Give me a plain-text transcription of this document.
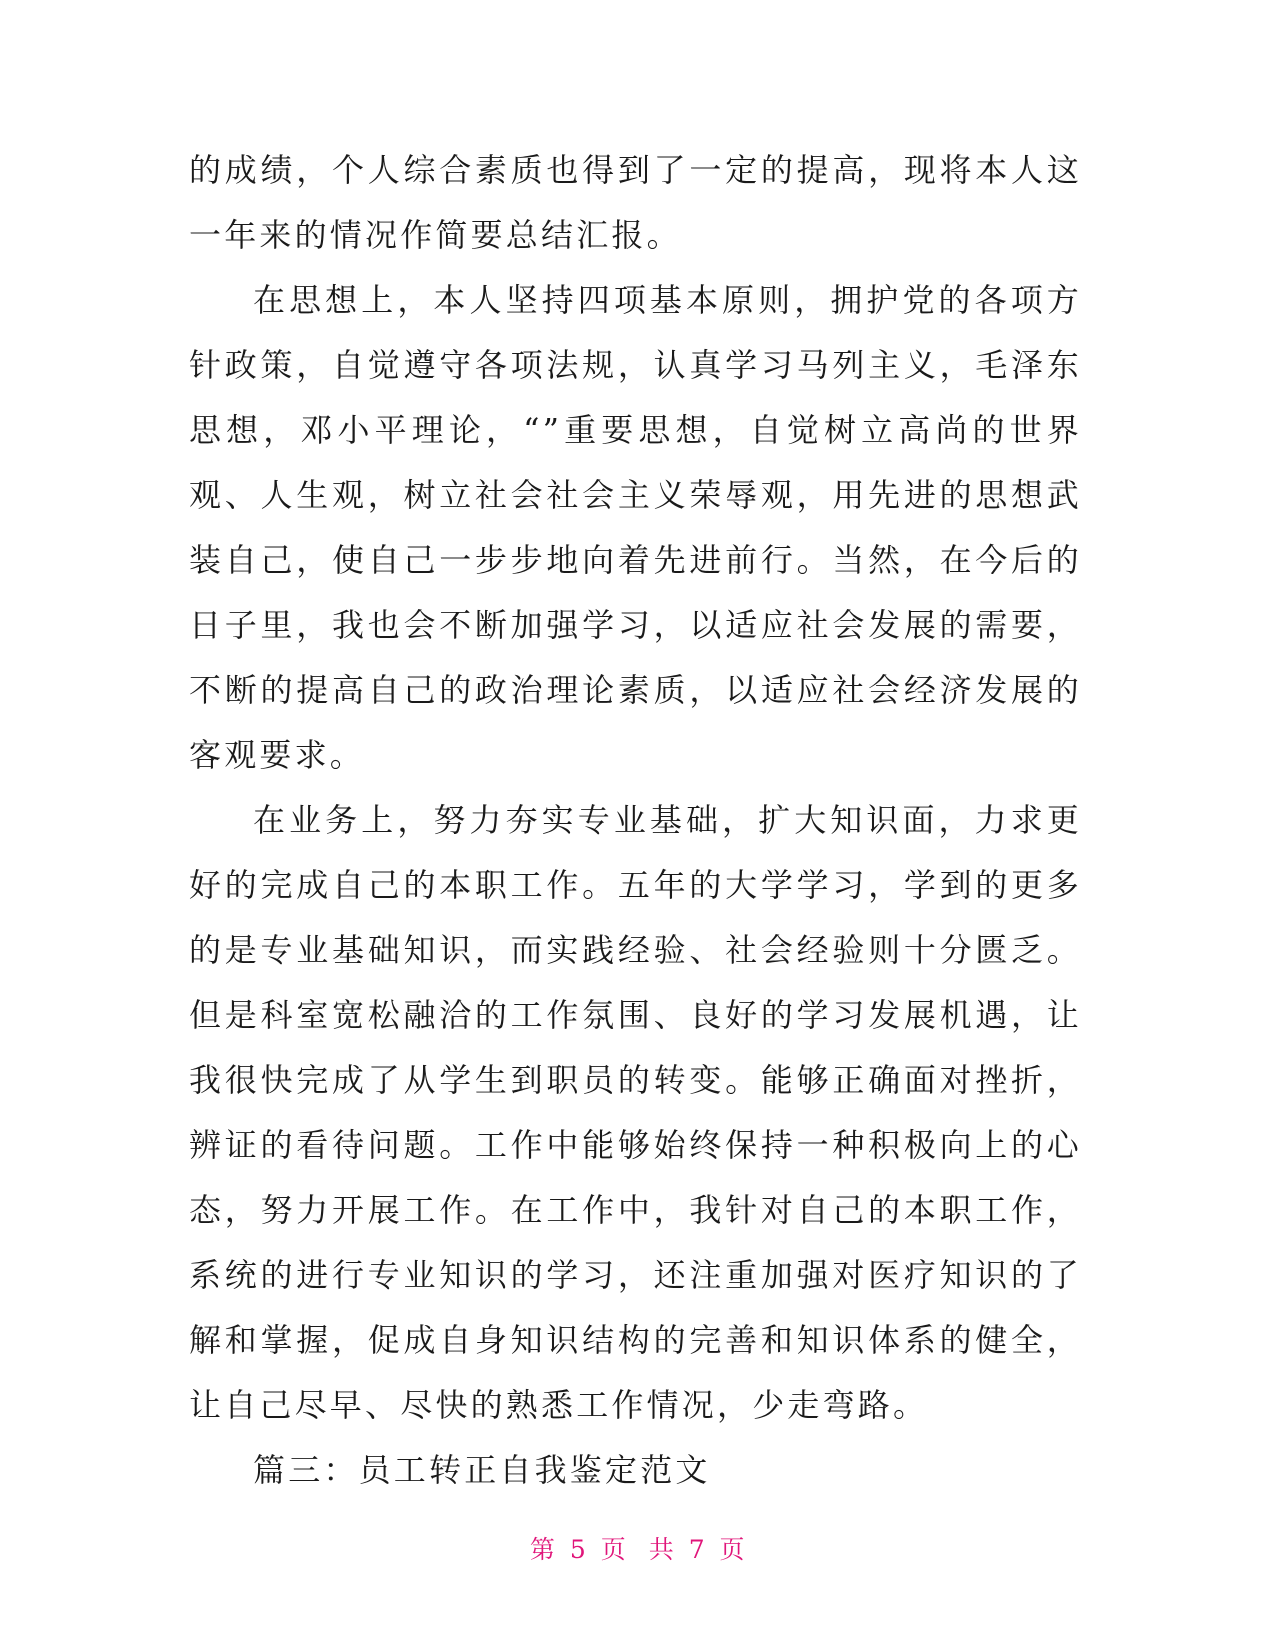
的成绩，个人综合素质也得到了一定的提高，现将本人这一年来的情况作简要总结汇报。

在思想上，本人坚持四项基本原则，拥护党的各项方针政策，自觉遵守各项法规，认真学习马列主义，毛泽东思想，邓小平理论，“”重要思想，自觉树立高尚的世界观、人生观，树立社会社会主义荣辱观，用先进的思想武装自己，使自己一步步地向着先进前行。当然，在今后的日子里，我也会不断加强学习，以适应社会发展的需要，不断的提高自己的政治理论素质，以适应社会经济发展的客观要求。

在业务上，努力夯实专业基础，扩大知识面，力求更好的完成自己的本职工作。五年的大学学习，学到的更多的是专业基础知识，而实践经验、社会经验则十分匮乏。但是科室宽松融洽的工作氛围、良好的学习发展机遇，让我很快完成了从学生到职员的转变。能够正确面对挫折，辨证的看待问题。工作中能够始终保持一种积极向上的心态，努力开展工作。在工作中，我针对自己的本职工作，系统的进行专业知识的学习，还注重加强对医疗知识的了解和掌握，促成自身知识结构的完善和知识体系的健全，让自己尽早、尽快的熟悉工作情况，少走弯路。

篇三：员工转正自我鉴定范文

第 5 页 共 7 页
